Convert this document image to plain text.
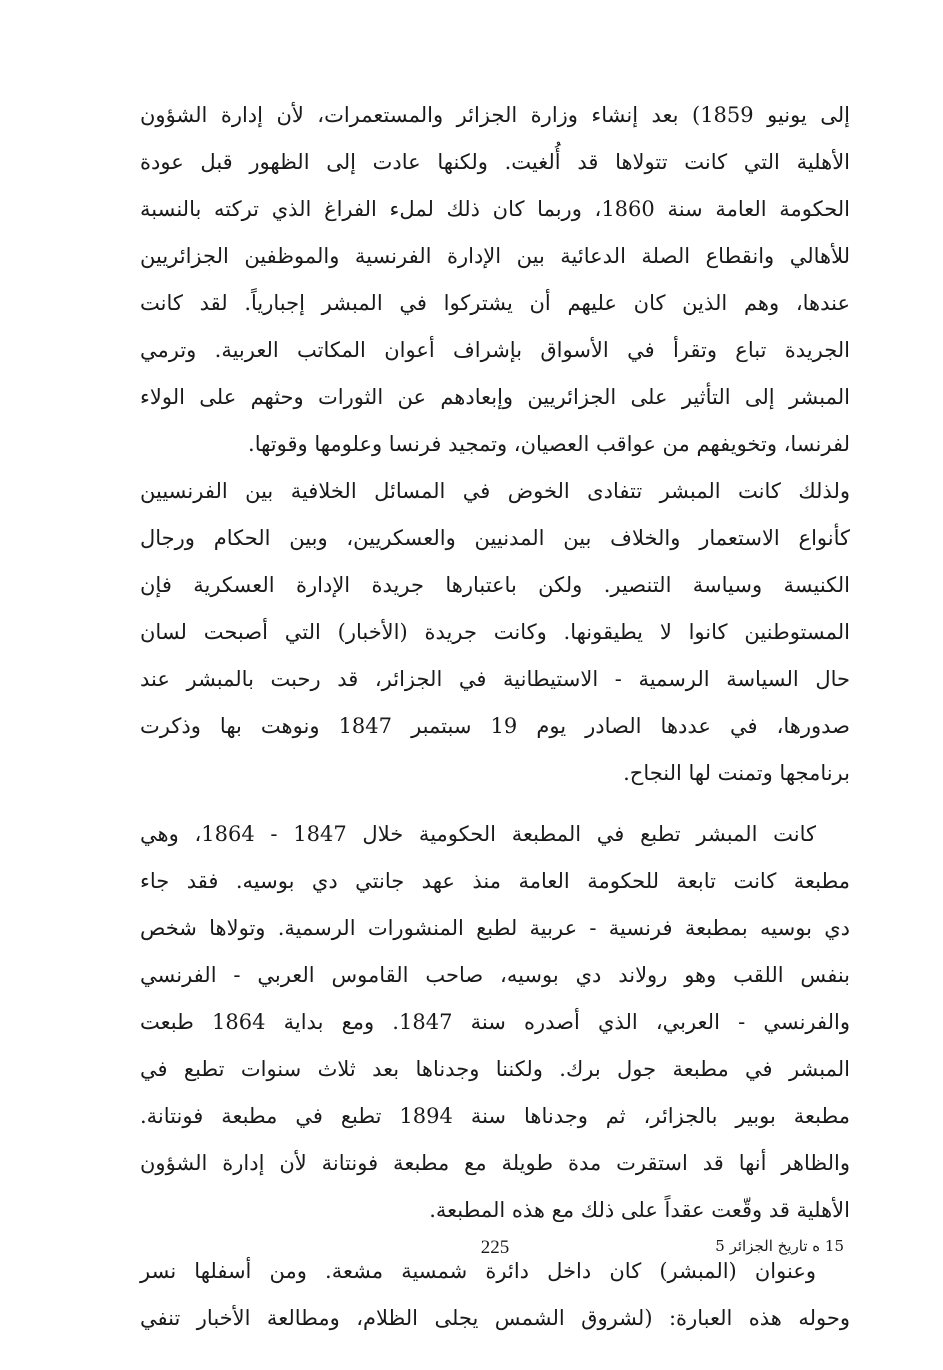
إلى يونيو 1859) بعد إنشاء وزارة الجزائر والمستعمرات، لأن إدارة الشؤون
الأهلية التي كانت تتولاها قد أُلغيت. ولكنها عادت إلى الظهور قبل عودة
الحكومة العامة سنة 1860، وربما كان ذلك لملء الفراغ الذي تركته بالنسبة
للأهالي وانقطاع الصلة الدعائية بين الإدارة الفرنسية والموظفين الجزائريين
عندها، وهم الذين كان عليهم أن يشتركوا في المبشر إجبارياً. لقد كانت
الجريدة تباع وتقرأ في الأسواق بإشراف أعوان المكاتب العربية. وترمي
المبشر إلى التأثير على الجزائريين وإبعادهم عن الثورات وحثهم على الولاء
لفرنسا، وتخويفهم من عواقب العصيان، وتمجيد فرنسا وعلومها وقوتها.
ولذلك كانت المبشر تتفادى الخوض في المسائل الخلافية بين الفرنسيين
كأنواع الاستعمار والخلاف بين المدنيين والعسكريين، وبين الحكام ورجال
الكنيسة وسياسة التنصير. ولكن باعتبارها جريدة الإدارة العسكرية فإن
المستوطنين كانوا لا يطيقونها. وكانت جريدة (الأخبار) التي أصبحت لسان
حال السياسة الرسمية - الاستيطانية في الجزائر، قد رحبت بالمبشر عند
صدورها، في عددها الصادر يوم 19 سبتمبر 1847 ونوهت بها وذكرت
برنامجها وتمنت لها النجاح.
كانت المبشر تطبع في المطبعة الحكومية خلال 1847 - 1864، وهي
مطبعة كانت تابعة للحكومة العامة منذ عهد جانتي دي بوسيه. فقد جاء
دي بوسيه بمطبعة فرنسية - عربية لطبع المنشورات الرسمية. وتولاها شخص
بنفس اللقب وهو رولاند دي بوسيه، صاحب القاموس العربي - الفرنسي
والفرنسي - العربي، الذي أصدره سنة 1847. ومع بداية 1864 طبعت
المبشر في مطبعة جول برك. ولكننا وجدناها بعد ثلاث سنوات تطبع في
مطبعة بوبير بالجزائر، ثم وجدناها سنة 1894 تطبع في مطبعة فونتانة.
والظاهر أنها قد استقرت مدة طويلة مع مطبعة فونتانة لأن إدارة الشؤون
الأهلية قد وقّعت عقداً على ذلك مع هذه المطبعة.
وعنوان (المبشر) كان داخل دائرة شمسية مشعة. ومن أسفلها نسر
وحوله هذه العبارة: (لشروق الشمس يجلى الظلام، ومطالعة الأخبار تنفي
225	15 ه تاريخ الجزائر 5
